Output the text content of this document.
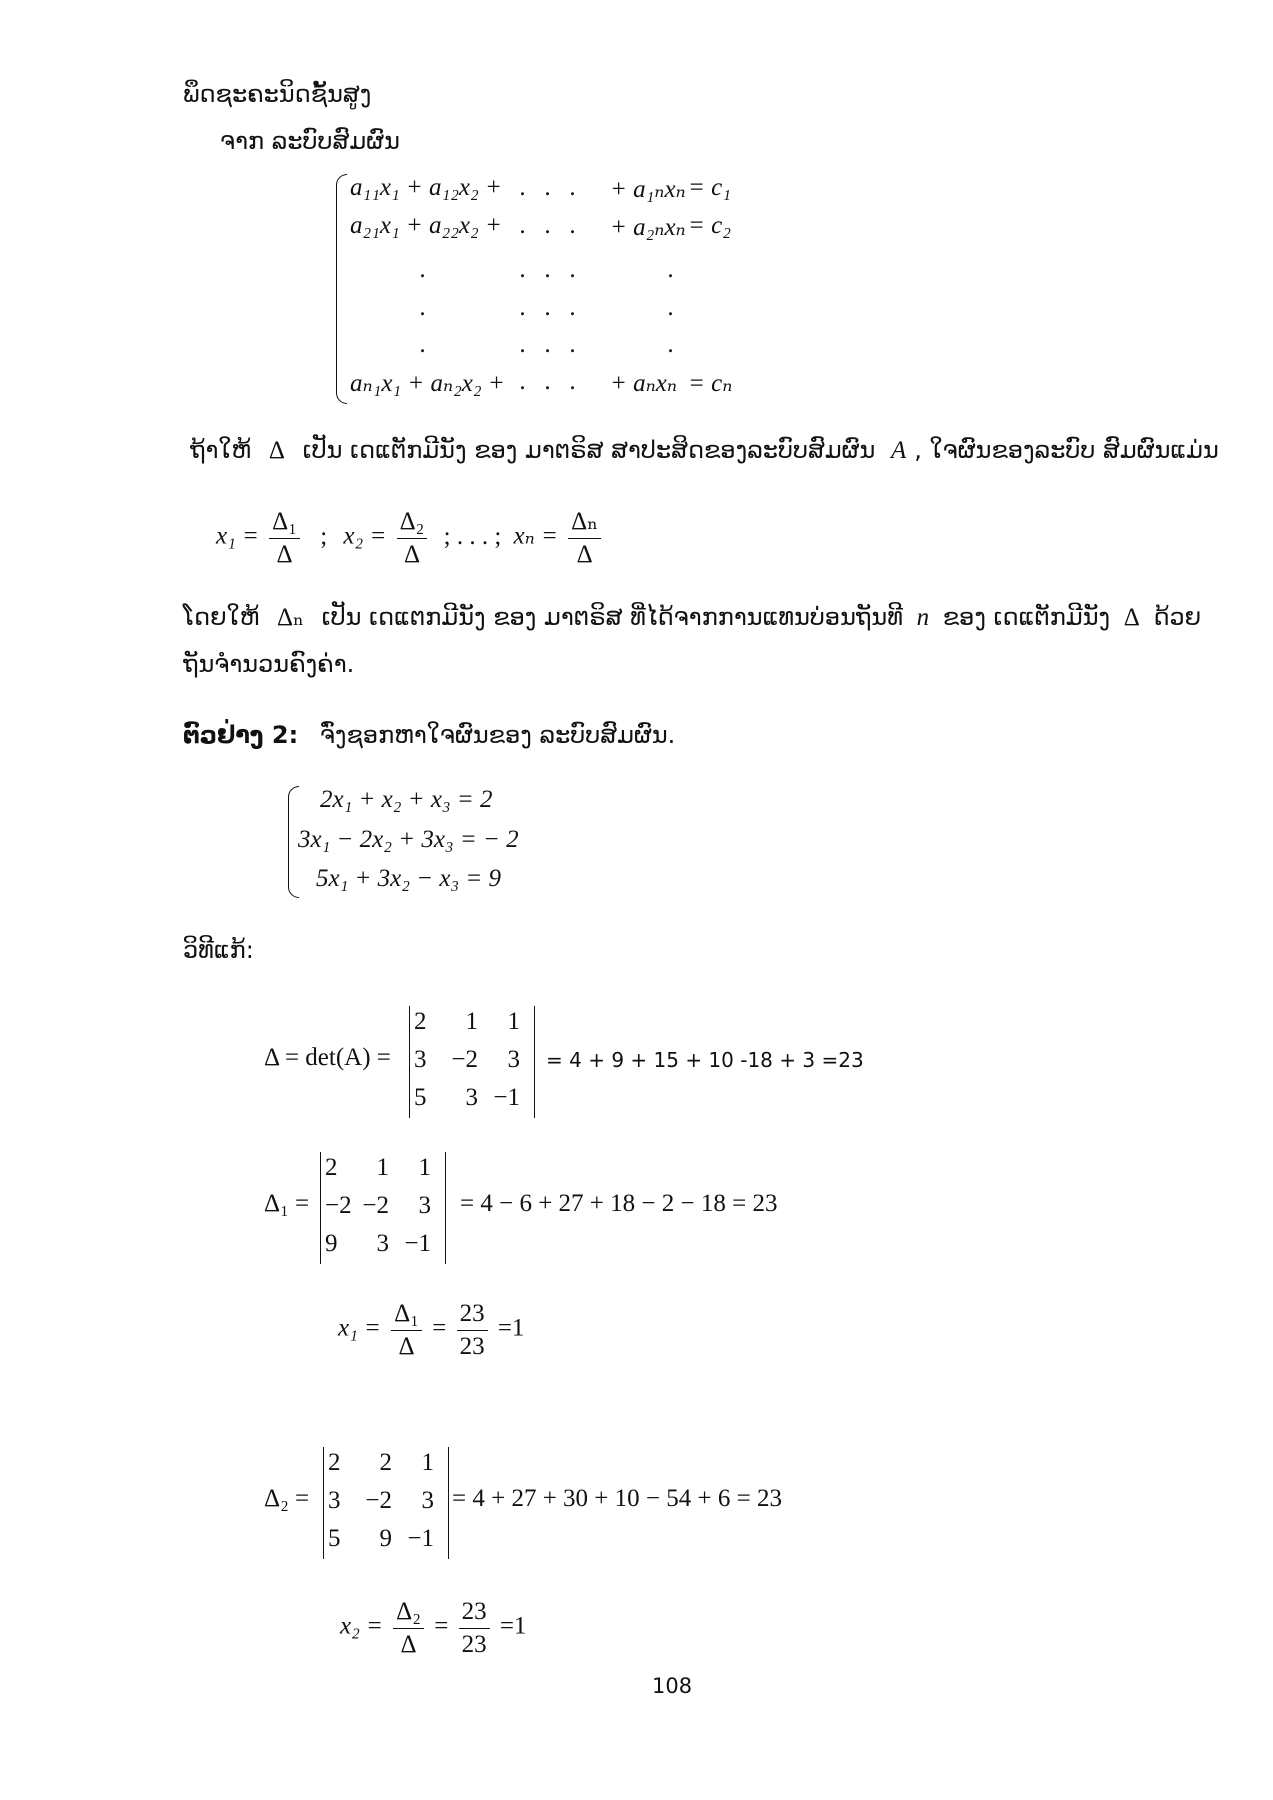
ພຶດຊະຄະນິດຊັ້ນສູງ
ຈາກ ລະບົບສົມຜົນ
a₁₁x₁ + a₁₂x₂ + .   .   . + a₁ₙxₙ = c₁
a₂₁x₁ + a₂₂x₂ + .   .   . + a₂ₙxₙ = c₂
.	.   .   .	.
.	.   .   .	.
.	.   .   .	.
aₙ₁x₁ + aₙ₂x₂ + .   .   . + aₙxₙ = cₙ
ຖ້າໃຫ້ Δ ເປັນ ເດແຕັກມີນັງ ຂອງ ມາຕຣິສ ສາປະສິດຂອງລະບົບສົມຜົນ A , ໃຈຜົນຂອງລະບົບ ສົມຜົນແມ່ນ
$x_1 = \frac{\text{Δ₁}}{\Delta}$ ; $x_2 = \frac{\text{Δ₂}}{\Delta}$ ; . . . ; $x_n = \frac{\text{Δₙ}}{\Delta}$
ໂດຍໃຫ້ Δₙ ເປັນ ເດແຕກມີນັງ ຂອງ ມາຕຣິສ ທີ່ໄດ້ຈາກການແທນບ່ອນຖັນທີ n ຂອງ ເດແຕັກມີນັງ Δ ດ້ວຍ
ຖັນຈຳນວນຄົງຄ່າ.
ຕົວຢ່າງ 2: ຈົ່ງຊອກຫາໃຈຜົນຂອງ ລະບົບສົມຜົນ.
2x₁ + x₂ + x₃ = 2
3x₁ − 2x₂ + 3x₃ = − 2
5x₁ + 3x₂ − x₃ = 9
ວິທີແກ້:
Δ = det(A) =
2	1	1
3 −2	3
5	3 −1
= 4 + 9 + 15 + 10 -18 + 3 =23
Δ₁ =
2	1	1
−2 −2	3
9	3 −1
= 4 − 6 + 27 + 18 − 2 − 18 = 23
Δ₂ =
2	2	1
3 −2	3
5	9 −1
= 4 + 27 + 30 + 10 − 54 + 6 = 23
$x_1 = \frac{\text{Δ₁}}{\Delta} = \frac{23}{23} =1$
$x_2 = \frac{\text{Δ₂}}{\Delta} = \frac{23}{23} =1$
108
